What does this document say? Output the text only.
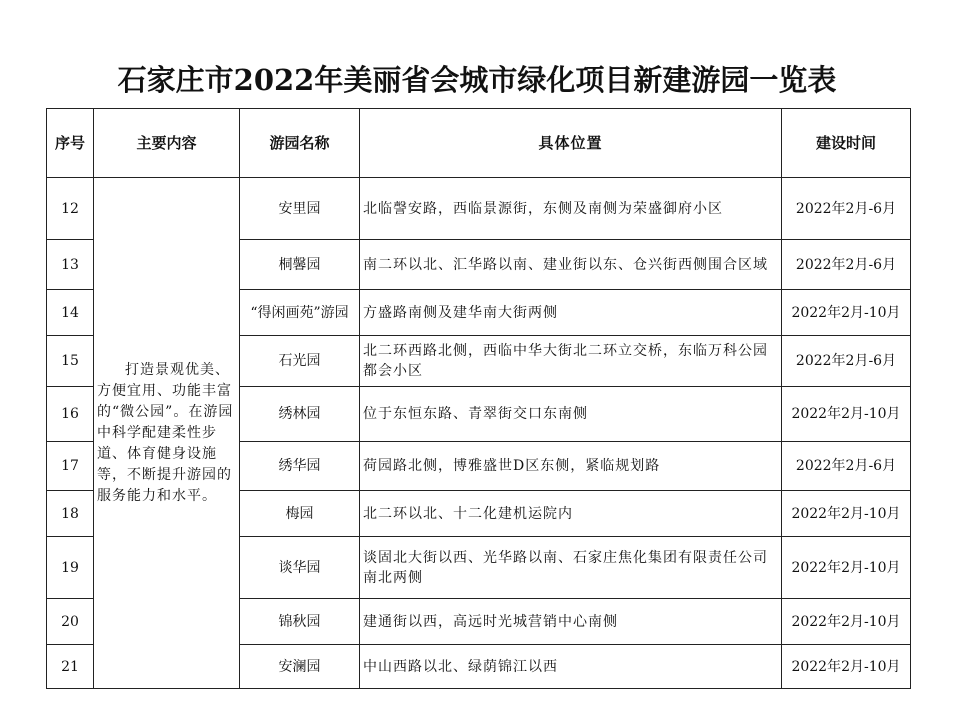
石家庄市2022年美丽省会城市绿化项目新建游园一览表
序号	主要内容	游园名称	具体位置	建设时间
12	打造景观优美、方便宜用、功能丰富的“微公园”。在游园中科学配建柔性步道、体育健身设施等，不断提升游园的服务能力和水平。	安里园	北临謦安路，西临景源街，东侧及南侧为荣盛御府小区	2022年2月-6月
13		桐馨园	南二环以北、汇华路以南、建业街以东、仓兴街西侧围合区域	2022年2月-6月
14		“得闲画苑”游园	方盛路南侧及建华南大街两侧	2022年2月-10月
15		石光园	北二环西路北侧，西临中华大街北二环立交桥，东临万科公园都会小区	2022年2月-6月
16		绣林园	位于东恒东路、青翠街交口东南侧	2022年2月-10月
17		绣华园	荷园路北侧，博雅盛世D区东侧，紧临规划路	2022年2月-6月
18		梅园	北二环以北、十二化建机运院内	2022年2月-10月
19		谈华园	谈固北大街以西、光华路以南、石家庄焦化集团有限责任公司南北两侧	2022年2月-10月
20		锦秋园	建通街以西，高远时光城营销中心南侧	2022年2月-10月
21		安澜园	中山西路以北、绿荫锦江以西	2022年2月-10月
